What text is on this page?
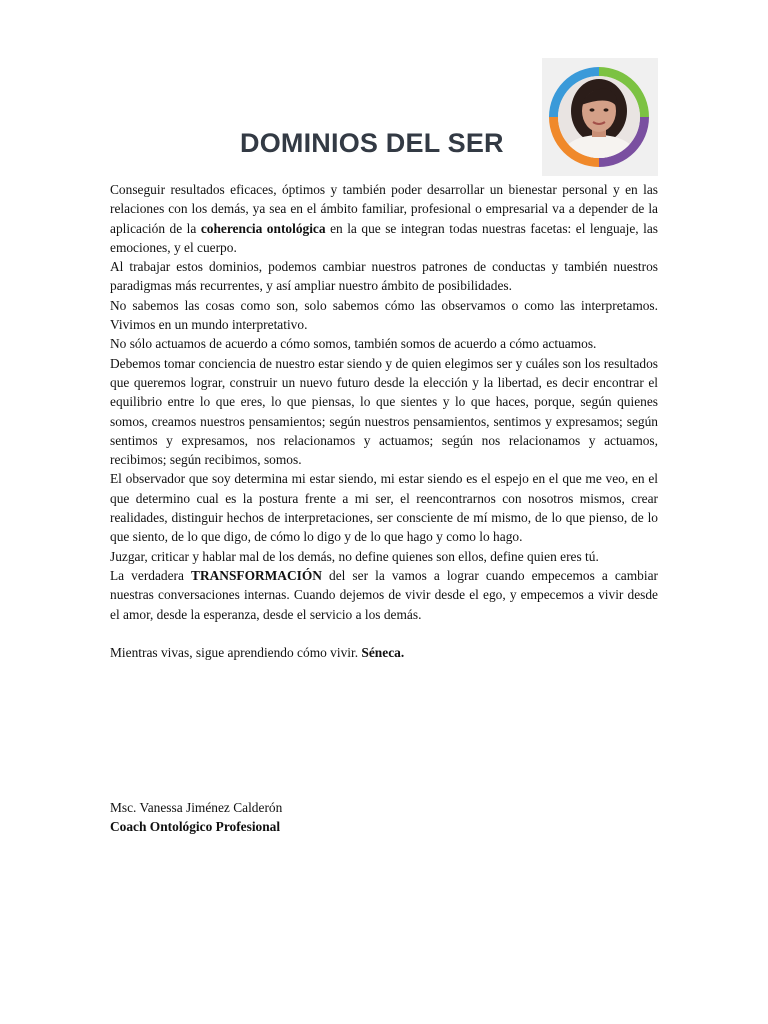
DOMINIOS DEL SER

Conseguir resultados eficaces, óptimos y también poder desarrollar un bienestar personal y en las relaciones con los demás, ya sea en el ámbito familiar, profesional o empresarial va a depender de la aplicación de la coherencia ontológica en la que se integran todas nuestras facetas: el lenguaje, las emociones, y el cuerpo.

Al trabajar estos dominios, podemos cambiar nuestros patrones de conductas y también nuestros paradigmas más recurrentes, y así ampliar nuestro ámbito de posibilidades.

No sabemos las cosas como son, solo sabemos cómo las observamos o como las interpretamos. Vivimos en un mundo interpretativo.

No sólo actuamos de acuerdo a cómo somos, también somos de acuerdo a cómo actuamos.

Debemos tomar conciencia de nuestro estar siendo y de quien elegimos ser y cuáles son los resultados que queremos lograr, construir un nuevo futuro desde la elección y la libertad, es decir encontrar el equilibrio entre lo que eres, lo que piensas, lo que sientes y lo que haces, porque, según quienes somos, creamos nuestros pensamientos; según nuestros pensamientos, sentimos y expresamos; según sentimos y expresamos, nos relacionamos y actuamos; según nos relacionamos y actuamos, recibimos; según recibimos, somos.

El observador que soy determina mi estar siendo, mi estar siendo es el espejo en el que me veo, en el que determino cual es la postura frente a mi ser, el reencontrarnos con nosotros mismos, crear realidades, distinguir hechos de interpretaciones, ser consciente de mí mismo, de lo que pienso, de lo que siento, de lo que digo, de cómo lo digo y de lo que hago y como lo hago.

Juzgar, criticar y hablar mal de los demás, no define quienes son ellos, define quien eres tú.

La verdadera TRANSFORMACIÓN del ser la vamos a lograr cuando empecemos a cambiar nuestras conversaciones internas. Cuando dejemos de vivir desde el ego, y empecemos a vivir desde el amor, desde la esperanza, desde el servicio a los demás.

Mientras vivas, sigue aprendiendo cómo vivir. Séneca.

Msc. Vanessa Jiménez Calderón
Coach Ontológico Profesional
